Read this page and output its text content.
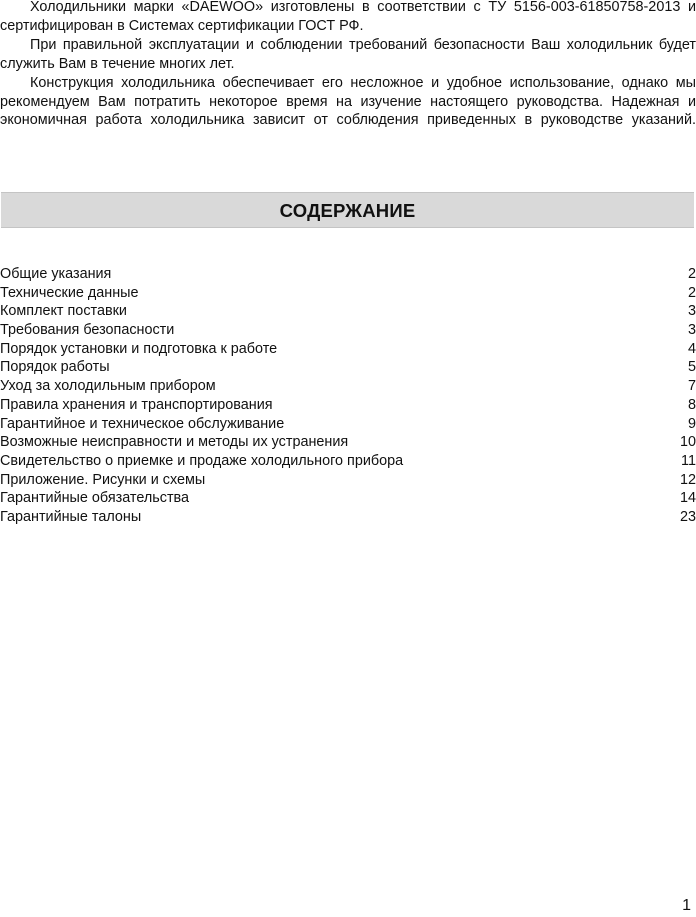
Холодильники марки «DAEWOO» изготовлены в соответствии с ТУ 5156-003-61850758-2013 и сертифицирован в Системах сертификации ГОСТ РФ.

При правильной эксплуатации и соблюдении требований безопасности Ваш холодильник будет служить Вам в течение многих лет.

Конструкция холодильника обеспечивает его несложное и удобное использование, однако мы рекомендуем Вам потратить некоторое время на изучение настоящего руководства. Надежная и экономичная работа холодильника зависит от соблюдения приведенных в руководстве указаний.

СОДЕРЖАНИЕ
Общие указания	2
Технические данные	2
Комплект поставки	3
Требования безопасности	3
Порядок установки и подготовка к работе	4
Порядок работы	5
Уход за холодильным прибором	7
Правила хранения и транспортирования	8
Гарантийное и техническое обслуживание	9
Возможные неисправности и методы их устранения	10
Свидетельство о приемке и продаже холодильного прибора	11
Приложение. Рисунки и схемы	12
Гарантийные обязательства	14
Гарантийные талоны	23
1
